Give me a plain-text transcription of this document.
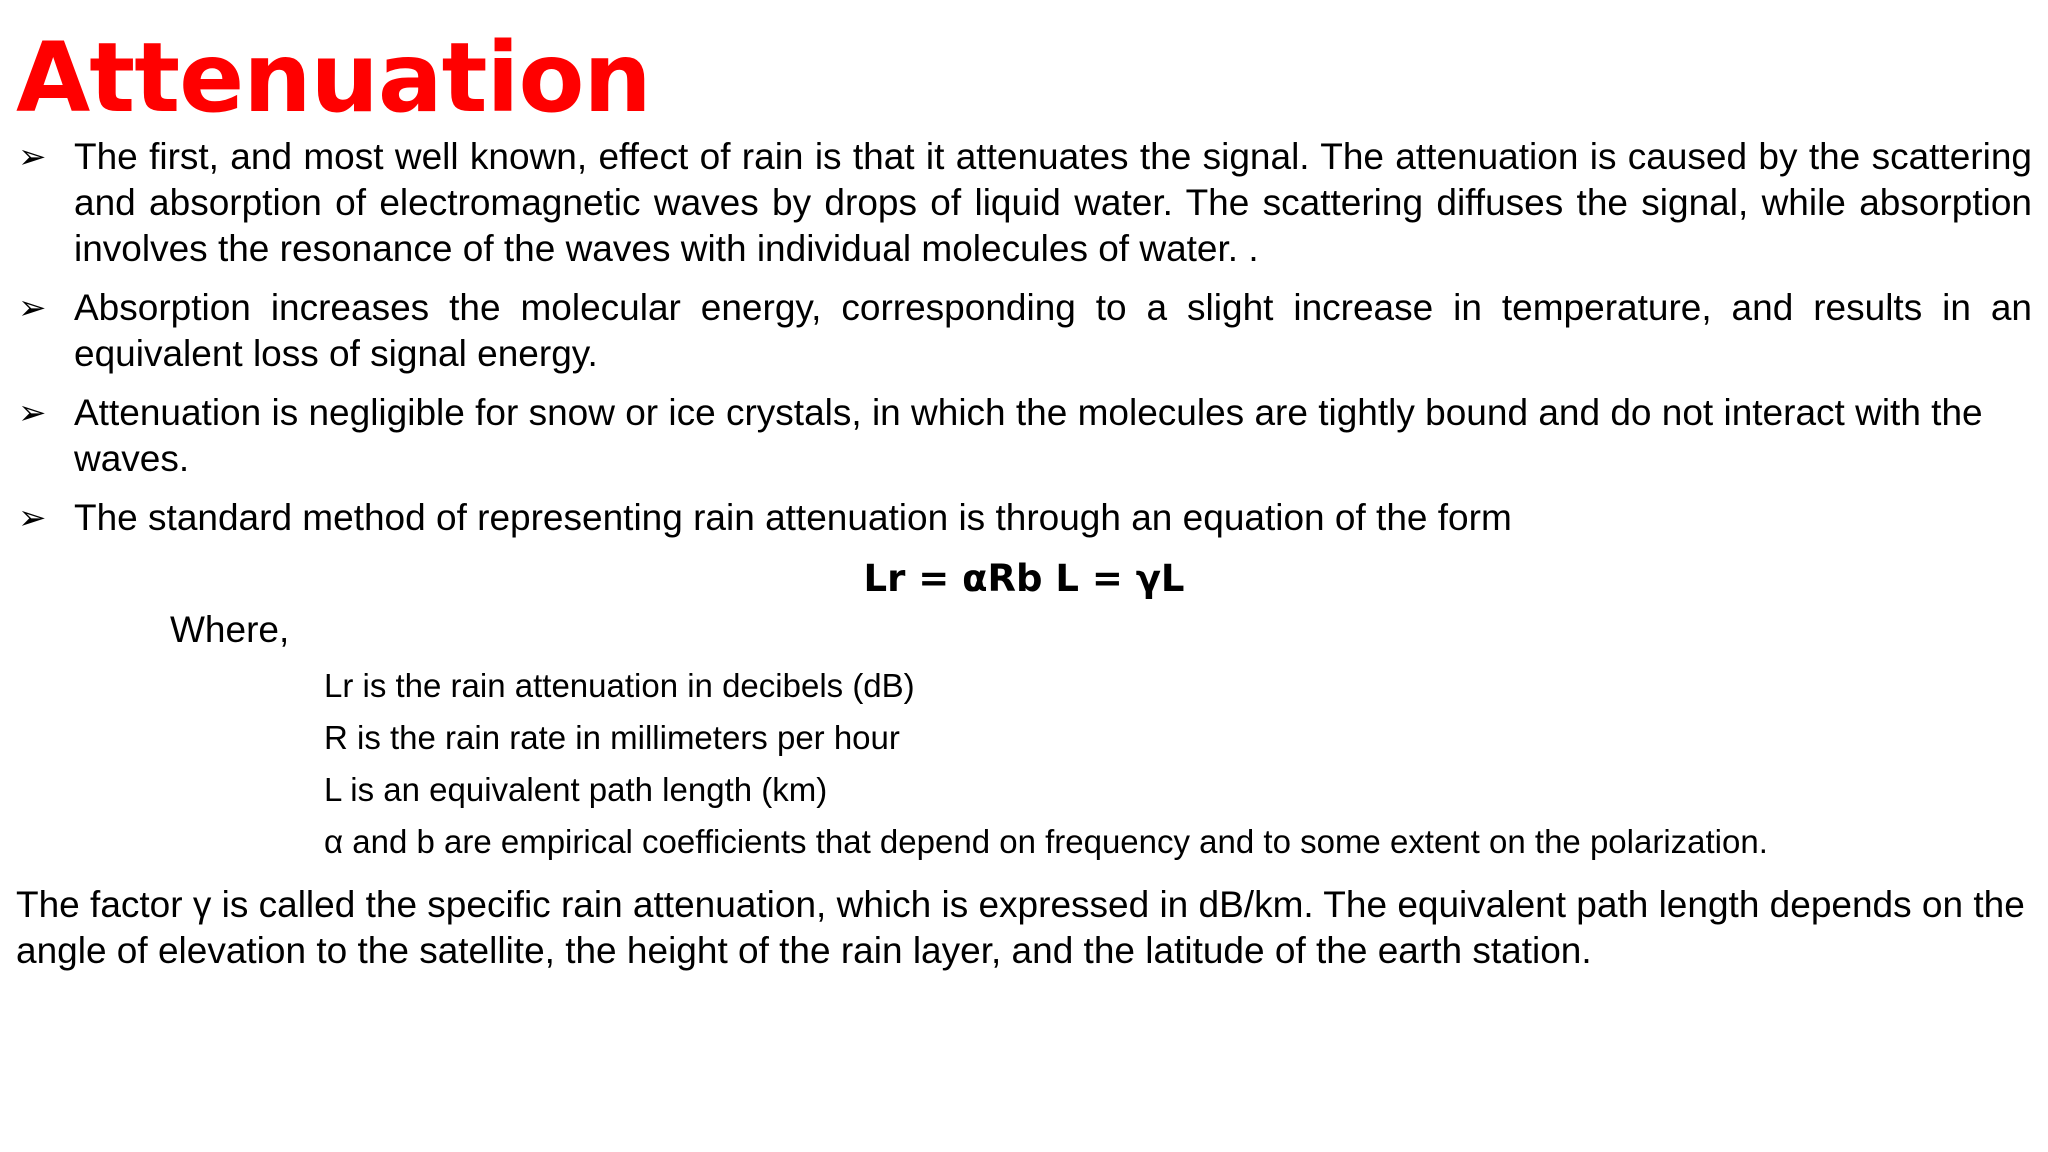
Attenuation
➢ The first, and most well known, effect of rain is that it attenuates the signal. The attenuation is caused by the scattering and absorption of electromagnetic waves by drops of liquid water. The scattering diffuses the signal, while absorption involves the resonance of the waves with individual molecules of water. .
➢ Absorption increases the molecular energy, corresponding to a slight increase in temperature, and results in an equivalent loss of signal energy.
➢ Attenuation is negligible for snow or ice crystals, in which the molecules are tightly bound and do not interact with the waves.
➢ The standard method of representing rain attenuation is through an equation of the form
Lr = αRb L = γL
Where,
Lr is the rain attenuation in decibels (dB)
R is the rain rate in millimeters per hour
L is an equivalent path length (km)
α and b are empirical coefficients that depend on frequency and to some extent on the polarization.

The factor γ is called the specific rain attenuation, which is expressed in dB/km. The equivalent path length depends on the angle of elevation to the satellite, the height of the rain layer, and the latitude of the earth station.
